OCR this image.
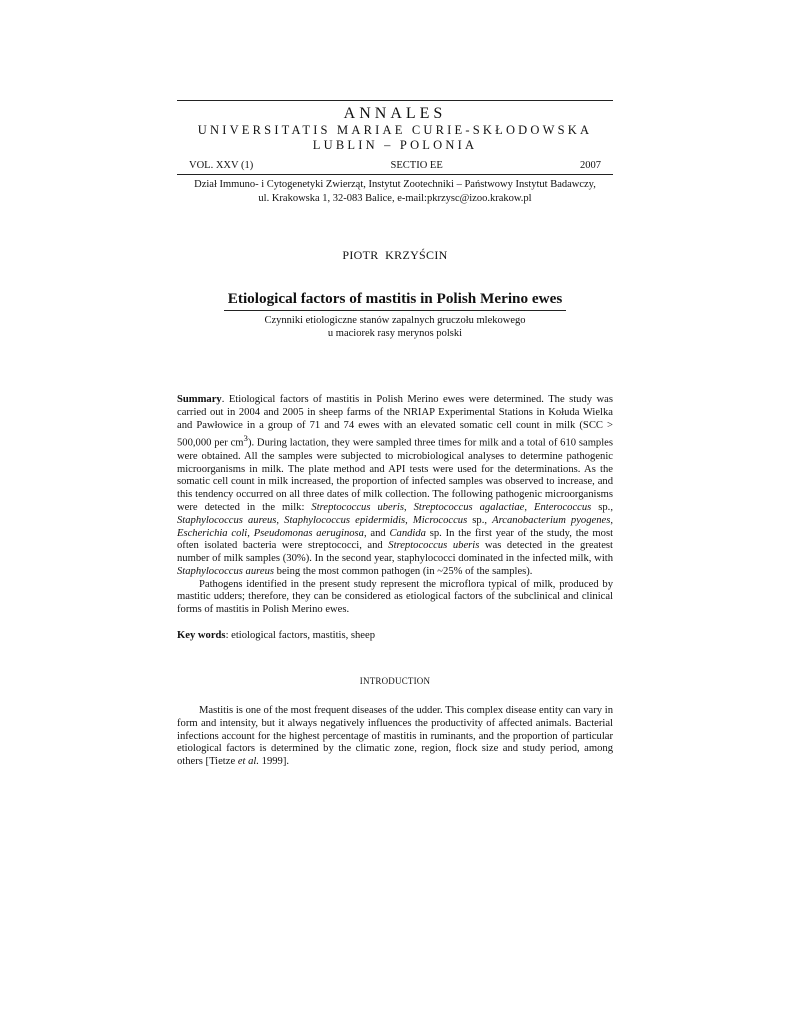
ANNALES
UNIVERSITATIS MARIAE CURIE-SKŁODOWSKA
LUBLIN – POLONIA
VOL. XXV (1)	SECTIO EE	2007
Dział Immuno- i Cytogenetyki Zwierząt, Instytut Zootechniki – Państwowy Instytut Badawczy,
ul. Krakowska 1, 32-083 Balice, e-mail:pkrzysc@izoo.krakow.pl
PIOTR  KRZYŚCIN
Etiological factors of mastitis in Polish Merino ewes
Czynniki etiologiczne stanów zapalnych gruczołu mlekowego
u maciorek rasy merynos polski

Summary. Etiological factors of mastitis in Polish Merino ewes were determined. The study was carried out in 2004 and 2005 in sheep farms of the NRIAP Experimental Stations in Kołuda Wielka and Pawłowice in a group of 71 and 74 ewes with an elevated somatic cell count in milk (SCC > 500,000 per $cm^3$). During lactation, they were sampled three times for milk and a total of 610 samples were obtained. All the samples were subjected to microbiological analyses to determine pathogenic microorganisms in milk. The plate method and API tests were used for the determinations. As the somatic cell count in milk increased, the proportion of infected samples was observed to increase, and this tendency occurred on all three dates of milk collection. The following pathogenic microorganisms were detected in the milk: Streptococcus uberis, Streptococcus agalactiae, Enterococcus sp., Staphylococcus aureus, Staphylococcus epidermidis, Micrococcus sp., Arcanobacterium pyogenes, Escherichia coli, Pseudomonas aeruginosa, and Candida sp. In the first year of the study, the most often isolated bacteria were streptococci, and Streptococcus uberis was detected in the greatest number of milk samples (30%). In the second year, staphylococci dominated in the infected milk, with Staphylococcus aureus being the most common pathogen (in ~25% of the samples).

Pathogens identified in the present study represent the microflora typical of milk, produced by mastitic udders; therefore, they can be considered as etiological factors of the subclinical and clinical forms of mastitis in Polish Merino ewes.

Key words: etiological factors, mastitis, sheep
INTRODUCTION

Mastitis is one of the most frequent diseases of the udder. This complex disease entity can vary in form and intensity, but it always negatively influences the productivity of affected animals. Bacterial infections account for the highest percentage of mastitis in ruminants, and the proportion of particular etiological factors is determined by the climatic zone, region, flock size and study period, among others [Tietze et al. 1999].
